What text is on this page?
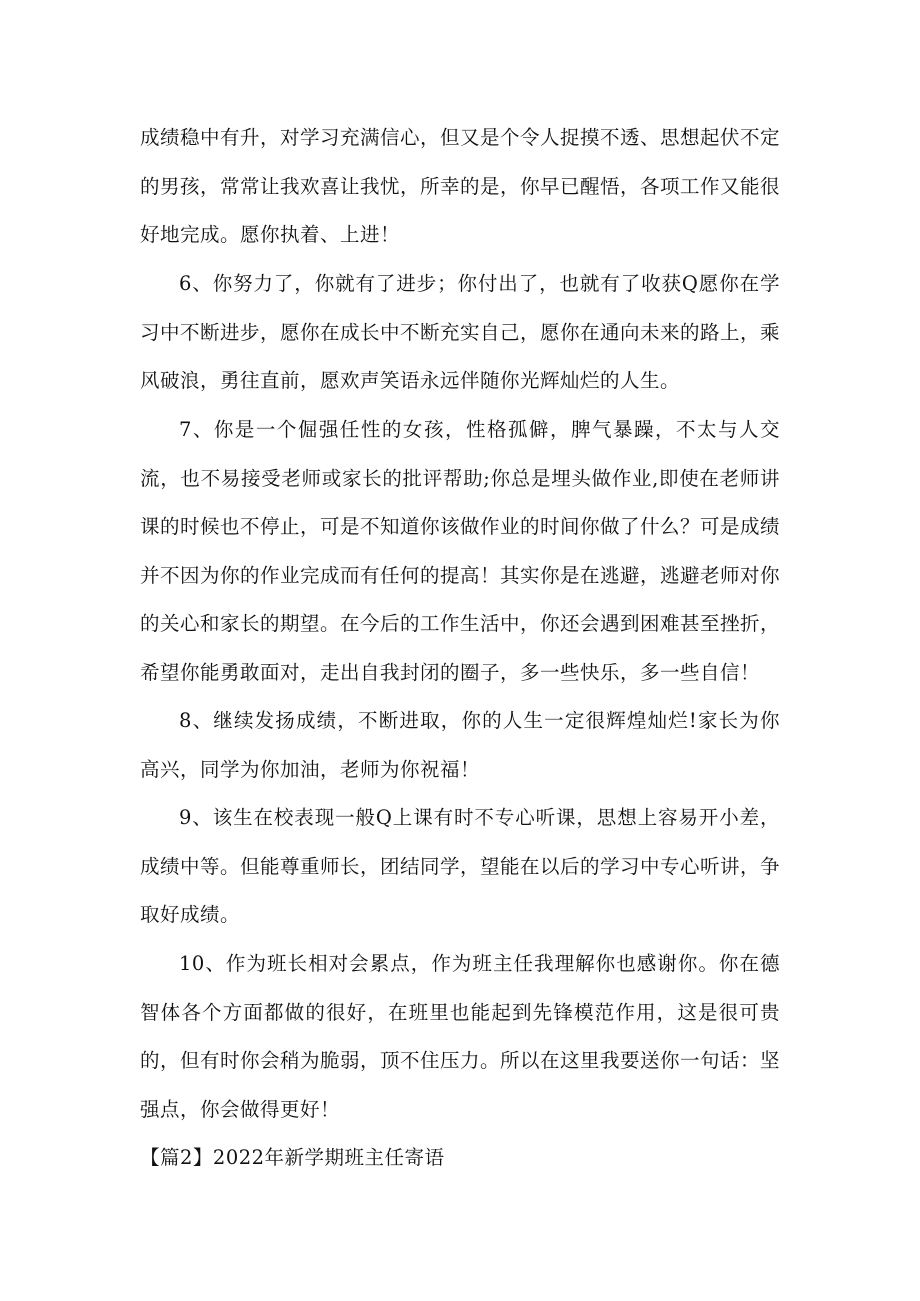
成绩稳中有升，对学习充满信心，但又是个令人捉摸不透、思想起伏不定的男孩，常常让我欢喜让我忧，所幸的是，你早已醒悟，各项工作又能很好地完成。愿你执着、上进！

6、你努力了，你就有了进步；你付出了，也就有了收获Q愿你在学习中不断进步，愿你在成长中不断充实自己，愿你在通向未来的路上，乘风破浪，勇往直前，愿欢声笑语永远伴随你光辉灿烂的人生。

7、你是一个倔强任性的女孩，性格孤僻，脾气暴躁，不太与人交流，也不易接受老师或家长的批评帮助;你总是埋头做作业,即使在老师讲课的时候也不停止，可是不知道你该做作业的时间你做了什么？可是成绩并不因为你的作业完成而有任何的提高！其实你是在逃避，逃避老师对你的关心和家长的期望。在今后的工作生活中，你还会遇到困难甚至挫折，希望你能勇敢面对，走出自我封闭的圈子，多一些快乐，多一些自信！

8、继续发扬成绩，不断进取，你的人生一定很辉煌灿烂!家长为你高兴，同学为你加油，老师为你祝福！

9、该生在校表现一般Q上课有时不专心听课，思想上容易开小差，成绩中等。但能尊重师长，团结同学，望能在以后的学习中专心听讲，争取好成绩。

10、作为班长相对会累点，作为班主任我理解你也感谢你。你在德智体各个方面都做的很好，在班里也能起到先锋模范作用，这是很可贵的，但有时你会稍为脆弱，顶不住压力。所以在这里我要送你一句话：坚强点，你会做得更好！

【篇2】2022年新学期班主任寄语
